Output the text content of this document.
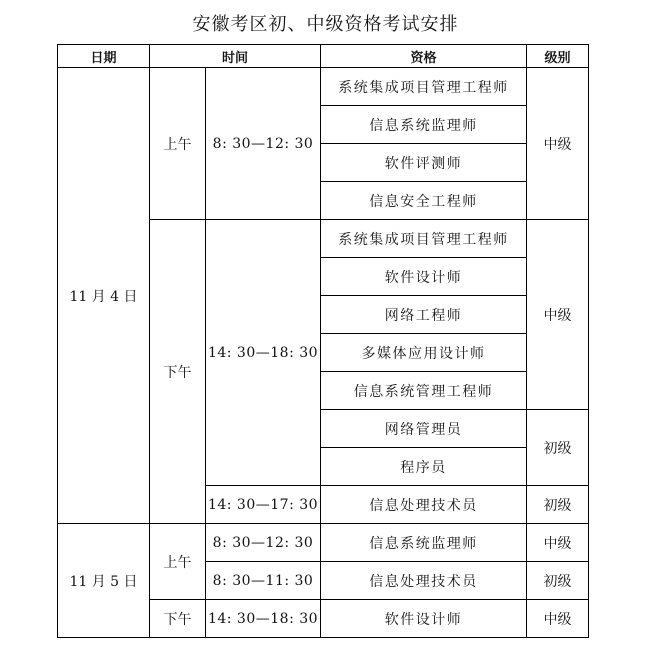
安徽考区初、中级资格考试安排
日期	时间		资格	级别
11 月 4 日	上午	8: 30—12: 30	系统集成项目管理工程师	中级
			信息系统监理师	
			软件评测师	
			信息安全工程师	
	下午	14: 30—18: 30	系统集成项目管理工程师	中级
			软件设计师	
			网络工程师	
			多媒体应用设计师	
			信息系统管理工程师	
			网络管理员	初级
			程序员	
		14: 30—17: 30	信息处理技术员	初级
11 月 5 日	上午	8: 30—12: 30	信息系统监理师	中级
		8: 30—11: 30	信息处理技术员	初级
	下午	14: 30—18: 30	软件设计师	中级
